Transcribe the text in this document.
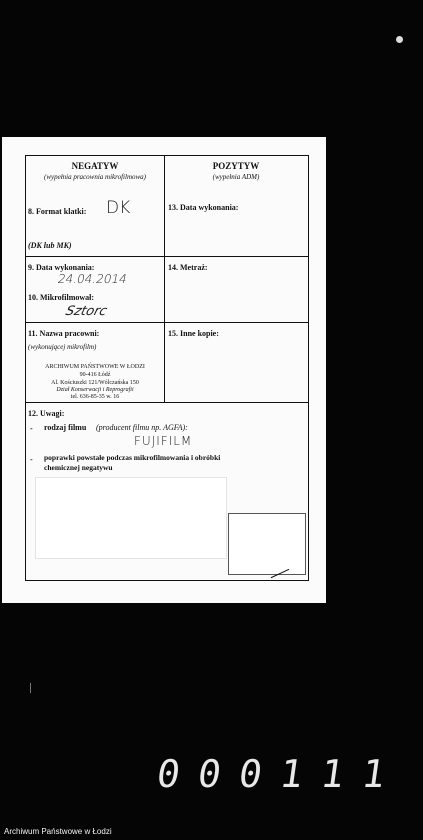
NEGATYW
(wypełnia pracownia mikrofilmowa)
POZYTYW
(wypełnia ADM)
8. Format klatki: DK
(DK lub MK)
13. Data wykonania:
9. Data wykonania:
24.04.2014
10. Mikrofilmował:
Sztorc
14. Metraż:
11. Nazwa pracowni:
(wykonującej mikrofilm)
ARCHIWUM PAŃSTWOWE W ŁODZI
90-416 Łódź
Al. Kościuszki 121/Wólczańska 150
Dział Konserwacji i Reprografii
tel. 636-85-35 w. 16
15. Inne kopie:
12. Uwagi:
- rodzaj filmu (producent filmu np. AGFA):
FUJIFILM
- poprawki powstałe podczas mikrofilmowania i obróbki
chemicznej negatywu
0 0 0 1 1 1
Archiwum Państwowe w Łodzi
